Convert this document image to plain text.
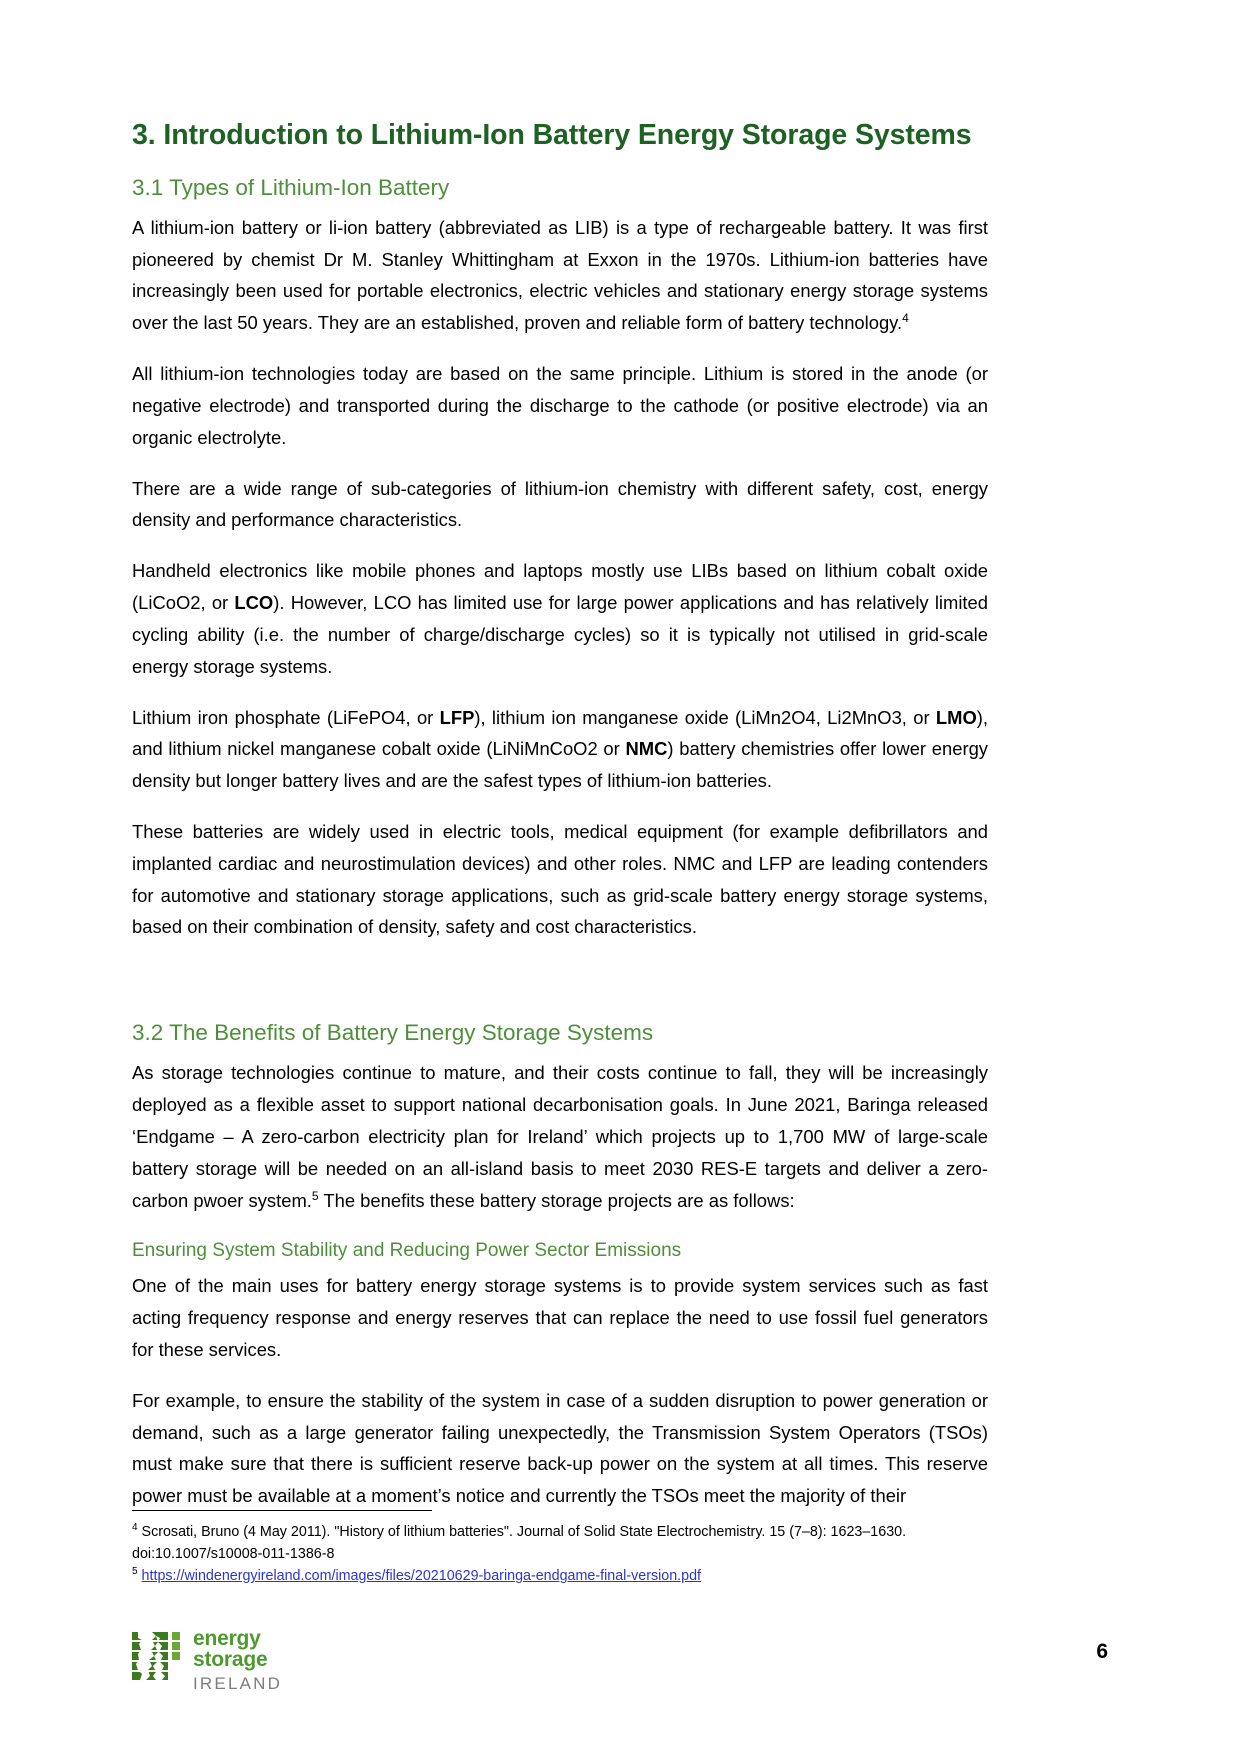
3. Introduction to Lithium-Ion Battery Energy Storage Systems
3.1 Types of Lithium-Ion Battery

A lithium-ion battery or li-ion battery (abbreviated as LIB) is a type of rechargeable battery. It was first pioneered by chemist Dr M. Stanley Whittingham at Exxon in the 1970s. Lithium-ion batteries have increasingly been used for portable electronics, electric vehicles and stationary energy storage systems over the last 50 years. They are an established, proven and reliable form of battery technology.$^4$

All lithium-ion technologies today are based on the same principle. Lithium is stored in the anode (or negative electrode) and transported during the discharge to the cathode (or positive electrode) via an organic electrolyte.

There are a wide range of sub-categories of lithium-ion chemistry with different safety, cost, energy density and performance characteristics.

Handheld electronics like mobile phones and laptops mostly use LIBs based on lithium cobalt oxide (LiCoO2, or LCO). However, LCO has limited use for large power applications and has relatively limited cycling ability (i.e. the number of charge/discharge cycles) so it is typically not utilised in grid-scale energy storage systems.

Lithium iron phosphate (LiFePO4, or LFP), lithium ion manganese oxide (LiMn2O4, Li2MnO3, or LMO), and lithium nickel manganese cobalt oxide (LiNiMnCoO2 or NMC) battery chemistries offer lower energy density but longer battery lives and are the safest types of lithium-ion batteries.

These batteries are widely used in electric tools, medical equipment (for example defibrillators and implanted cardiac and neurostimulation devices) and other roles. NMC and LFP are leading contenders for automotive and stationary storage applications, such as grid-scale battery energy storage systems, based on their combination of density, safety and cost characteristics.

3.2 The Benefits of Battery Energy Storage Systems

As storage technologies continue to mature, and their costs continue to fall, they will be increasingly deployed as a flexible asset to support national decarbonisation goals. In June 2021, Baringa released ‘Endgame – A zero-carbon electricity plan for Ireland’ which projects up to 1,700 MW of large-scale battery storage will be needed on an all-island basis to meet 2030 RES-E targets and deliver a zero-carbon pwoer system.$^5$ The benefits these battery storage projects are as follows:

Ensuring System Stability and Reducing Power Sector Emissions

One of the main uses for battery energy storage systems is to provide system services such as fast acting frequency response and energy reserves that can replace the need to use fossil fuel generators for these services.

For example, to ensure the stability of the system in case of a sudden disruption to power generation or demand, such as a large generator failing unexpectedly, the Transmission System Operators (TSOs) must make sure that there is sufficient reserve back-up power on the system at all times. This reserve power must be available at a moment’s notice and currently the TSOs meet the majority of their

$^4$ Scrosati, Bruno (4 May 2011). "History of lithium batteries". Journal of Solid State Electrochemistry. 15 (7–8): 1623–1630. doi:10.1007/s10008-011-1386-8

$^5$ https://windenergyireland.com/images/files/20210629-baringa-endgame-final-version.pdf

energy
storage
IRELAND
6
